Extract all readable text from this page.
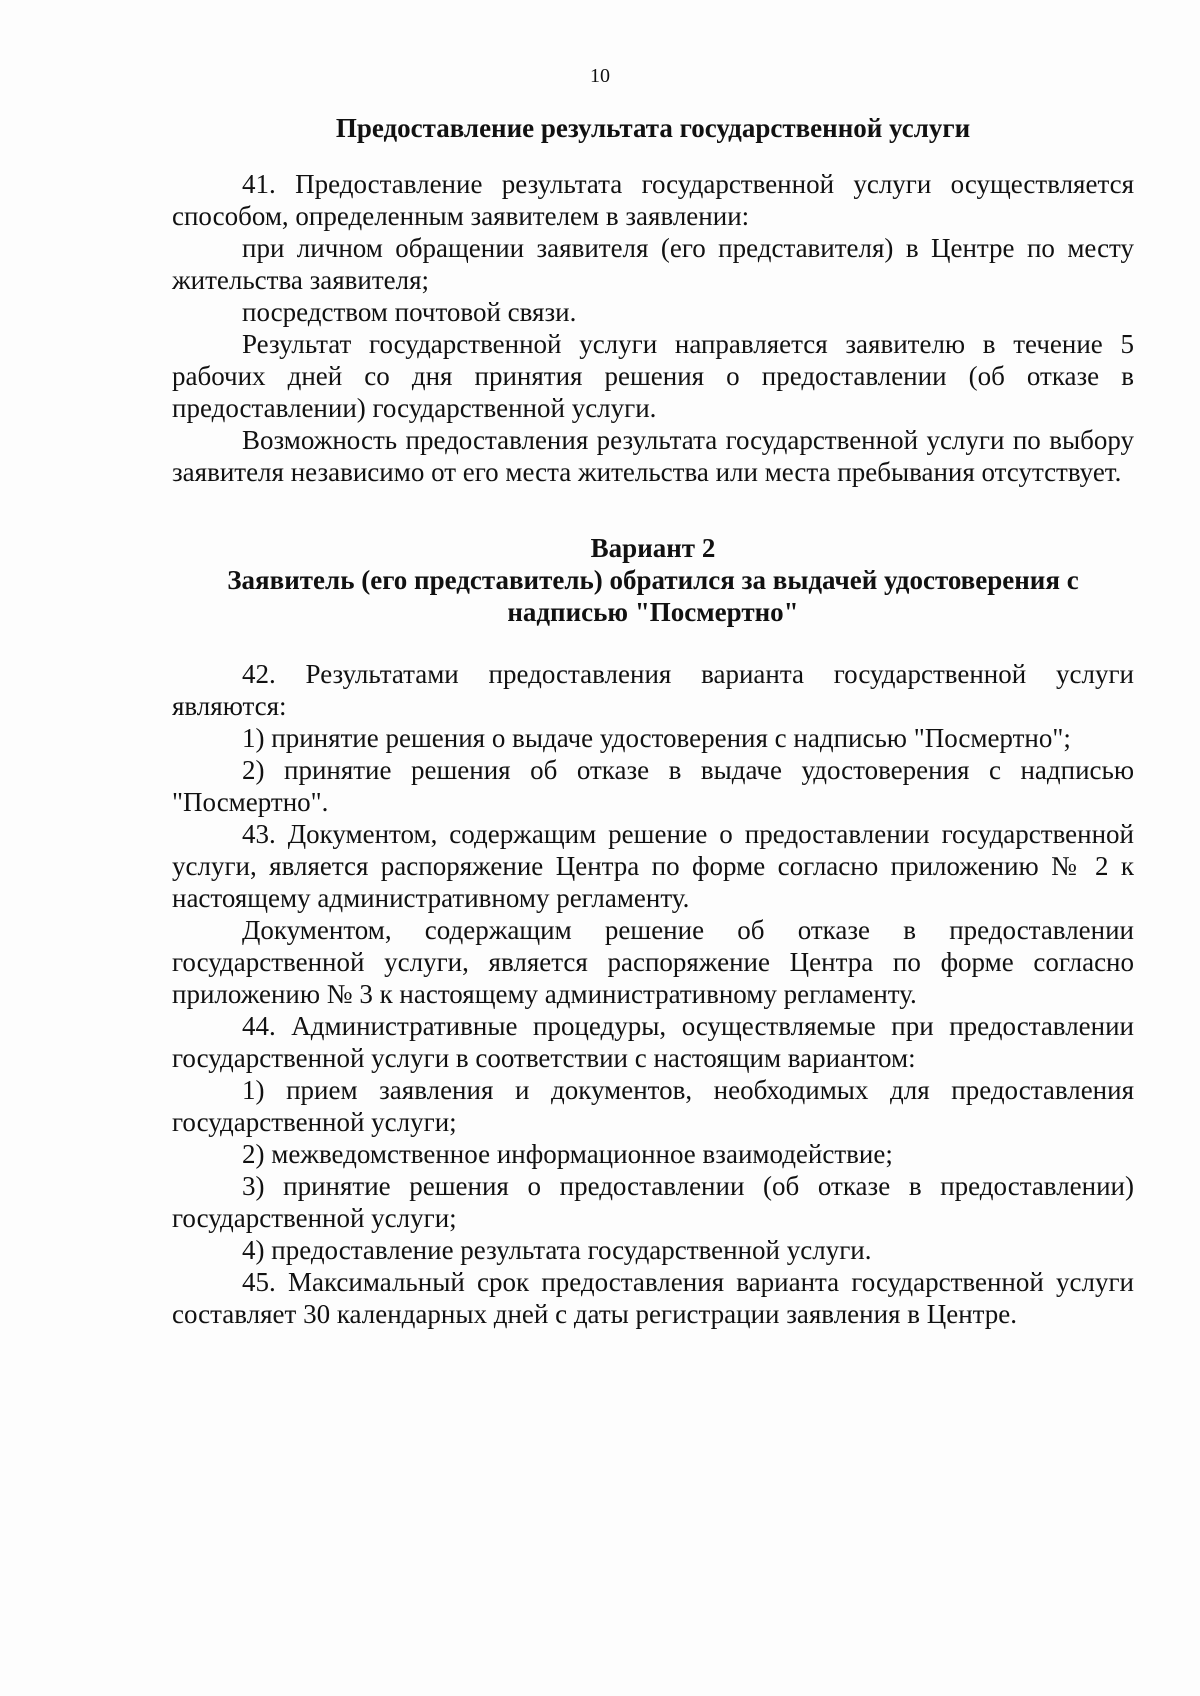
10
Предоставление результата государственной услуги

41. Предоставление результата государственной услуги осуществляется способом, определенным заявителем в заявлении:

при личном обращении заявителя (его представителя) в Центре по месту жительства заявителя;

посредством почтовой связи.

Результат государственной услуги направляется заявителю в течение 5 рабочих дней со дня принятия решения о предоставлении (об отказе в предоставлении) государственной услуги.

Возможность предоставления результата государственной услуги по выбору заявителя независимо от его места жительства или места пребывания отсутствует.

Вариант 2
Заявитель (его представитель) обратился за выдачей удостоверения с надписью "Посмертно"

42. Результатами предоставления варианта государственной услуги являются:

1) принятие решения о выдаче удостоверения с надписью "Посмертно";

2) принятие решения об отказе в выдаче удостоверения с надписью "Посмертно".

43. Документом, содержащим решение о предоставлении государственной услуги, является распоряжение Центра по форме согласно приложению № 2 к настоящему административному регламенту.

Документом, содержащим решение об отказе в предоставлении государственной услуги, является распоряжение Центра по форме согласно приложению № 3 к настоящему административному регламенту.

44. Административные процедуры, осуществляемые при предоставлении государственной услуги в соответствии с настоящим вариантом:

1) прием заявления и документов, необходимых для предоставления государственной услуги;

2) межведомственное информационное взаимодействие;

3) принятие решения о предоставлении (об отказе в предоставлении) государственной услуги;

4) предоставление результата государственной услуги.

45. Максимальный срок предоставления варианта государственной услуги составляет 30 календарных дней с даты регистрации заявления в Центре.
